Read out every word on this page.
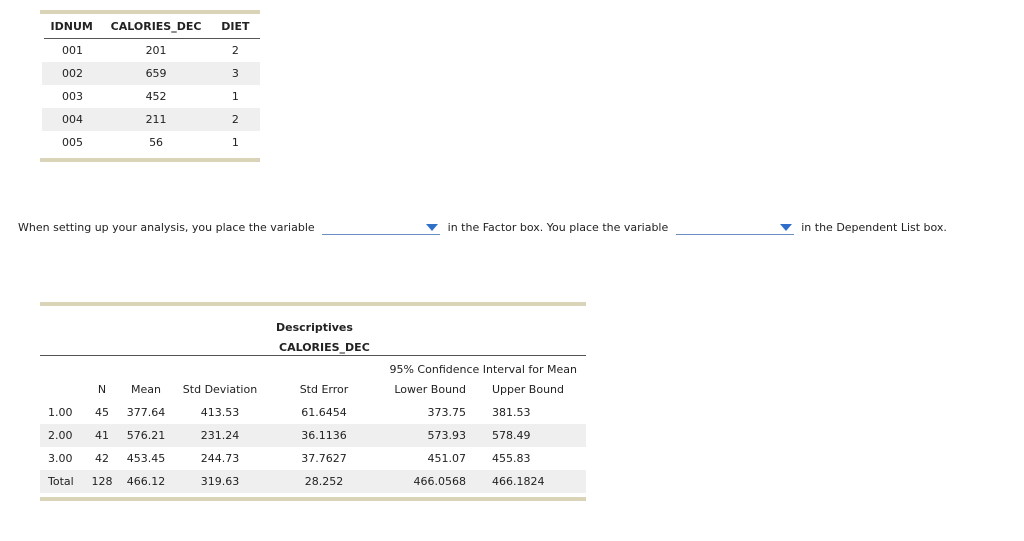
IDNUM	CALORIES_DEC	DIET
001	201	2
002	659	3
003	452	1
004	211	2
005	56	1
When setting up your analysis, you place the variable	in the Factor box. You place the variable	in the Dependent List box.
Descriptives
CALORIES_DEC
95% Confidence Interval for Mean
	N	Mean	Std Deviation	Std Error	Lower Bound	Upper Bound
1.00	45	377.64	413.53	61.6454	373.75	381.53
2.00	41	576.21	231.24	36.1136	573.93	578.49
3.00	42	453.45	244.73	37.7627	451.07	455.83
Total	128	466.12	319.63	28.252	466.0568	466.1824
